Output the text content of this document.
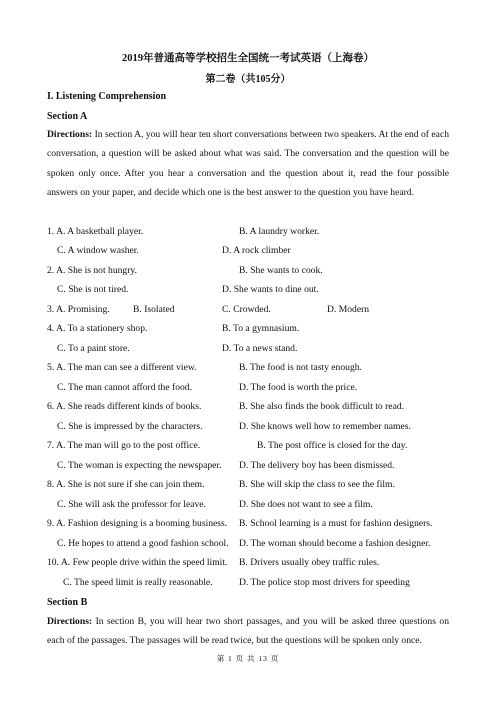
2019年普通高等学校招生全国统一考试英语（上海卷）
第二卷（共105分）
I. Listening Comprehension
Section A
Directions: In section A, you will hear ten short conversations between two speakers. At the end of each conversation, a question will be asked about what was said. The conversation and the question will be spoken only once. After you hear a conversation and the question about it, read the four possible answers on your paper, and decide which one is the best answer to the question you have heard.
1. A. A basketball player.	B. A laundry worker.
C. A window washer.	D. A rock climber
2. A. She is not hungry.	B. She wants to cook.
C. She is not tired.	D. She wants to dine out.
3. A. Promising. B. Isolated	C. Crowded.	D. Modern
4. A. To a stationery shop.	B. To a gymnasium.
C. To a paint store.	D. To a news stand.
5. A. The man can see a different view.	B. The food is not tasty enough.
C. The man cannot afford the food.	D. The food is worth the price.
6. A. She reads different kinds of books.	B. She also finds the book difficult to read.
C. She is impressed by the characters.	D. She knows well how to remember names.
7. A. The man will go to the post office.	B. The post office is closed for the day.
C. The woman is expecting the newspaper. D. The delivery boy has been dismissed.
8. A. She is not sure if she can join them.	B. She will skip the class to see the film.
C. She will ask the professor for leave.	D. She does not want to see a film.
9. A. Fashion designing is a booming business. B. School learning is a must for fashion designers.
C. He hopes to attend a good fashion school. D. The woman should become a fashion designer.
10. A. Few people drive within the speed limit. B. Drivers usually obey traffic rules.
C. The speed limit is really reasonable.	D. The police stop most drivers for speeding
Section B
Directions: In section B, you will hear two short passages, and you will be asked three questions on each of the passages. The passages will be read twice, but the questions will be spoken only once.
第 1 页 共 13 页
